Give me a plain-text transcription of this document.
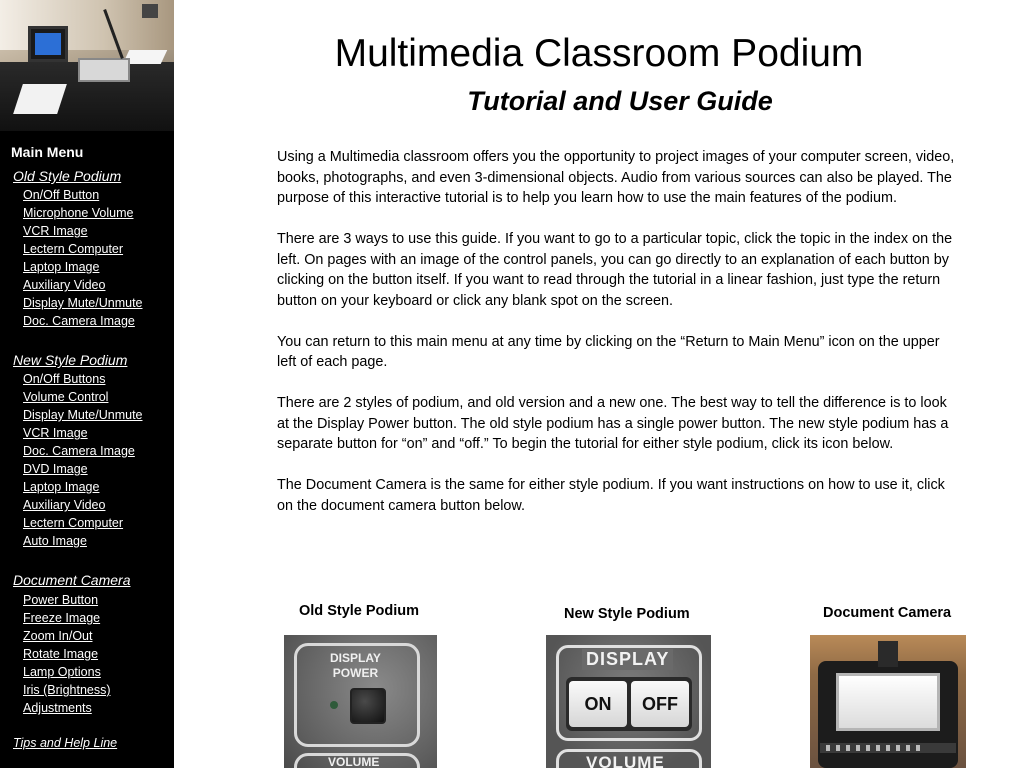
Main Menu
Old Style Podium
On/Off Button
Microphone Volume
VCR Image
Lectern Computer
Laptop Image
Auxiliary Video
Display Mute/Unmute
Doc. Camera Image
New Style Podium
On/Off Buttons
Volume Control
Display Mute/Unmute
VCR Image
Doc. Camera Image
DVD Image
Laptop Image
Auxiliary Video
Lectern Computer
Auto Image
Document Camera
Power Button
Freeze Image
Zoom In/Out
Rotate Image
Lamp Options
Iris (Brightness)
Adjustments
Tips and Help Line
Multimedia Classroom Podium
Tutorial and User Guide

Using a Multimedia classroom offers you the opportunity to project images of your computer screen, video, books, photographs, and even 3-dimensional objects. Audio from various sources can also be played. The purpose of this interactive tutorial is to help you learn how to use the main features of the podium.

There are 3 ways to use this guide. If you want to go to a particular topic, click the topic in the index on the left. On pages with an image of the control panels, you can go directly to an explanation of each button by clicking on the button itself. If you want to read through the tutorial in a linear fashion, just type the return button on your keyboard or click any blank spot on the screen.

You can return to this main menu at any time by clicking on the “Return to Main Menu” icon on the upper left of each page.

There are 2 styles of podium, and old version and a new one. The best way to tell the difference is to look at the Display Power button. The old style podium has a single power button. The new style podium has a separate button for “on” and “off.” To begin the tutorial for either style podium, click its icon below.

The Document Camera is the same for either style podium. If you want instructions on how to use it, click on the document camera button below.

Old Style Podium	New Style Podium	Document Camera
DISPLAY
POWER
VOLUME
DISPLAY
ON	OFF
VOLUME
